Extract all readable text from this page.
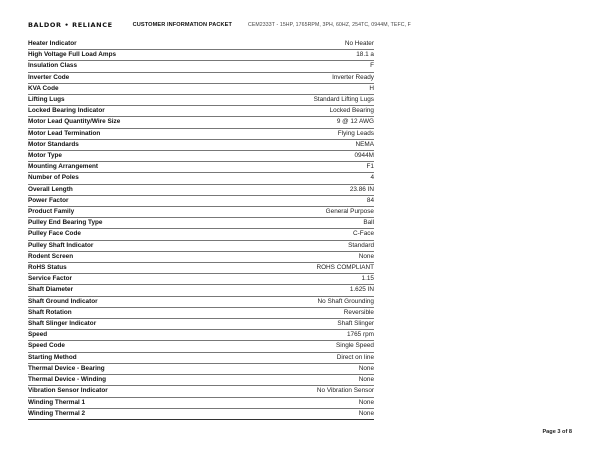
BALDOR • RELIANCE	CUSTOMER INFORMATION PACKET	CEM2333T - 15HP, 1765RPM, 3PH, 60HZ, 254TC, 0944M, TEFC, F
Heater Indicator	No Heater
High Voltage Full Load Amps	18.1 a
Insulation Class	F
Inverter Code	Inverter Ready
KVA Code	H
Lifting Lugs	Standard Lifting Lugs
Locked Bearing Indicator	Locked Bearing
Motor Lead Quantity/Wire Size	9 @ 12 AWG
Motor Lead Termination	Flying Leads
Motor Standards	NEMA
Motor Type	0944M
Mounting Arrangement	F1
Number of Poles	4
Overall Length	23.86 IN
Power Factor	84
Product Family	General Purpose
Pulley End Bearing Type	Ball
Pulley Face Code	C-Face
Pulley Shaft Indicator	Standard
Rodent Screen	None
RoHS Status	ROHS COMPLIANT
Service Factor	1.15
Shaft Diameter	1.625 IN
Shaft Ground Indicator	No Shaft Grounding
Shaft Rotation	Reversible
Shaft Slinger Indicator	Shaft Slinger
Speed	1765 rpm
Speed Code	Single Speed
Starting Method	Direct on line
Thermal Device - Bearing	None
Thermal Device - Winding	None
Vibration Sensor Indicator	No Vibration Sensor
Winding Thermal 1	None
Winding Thermal 2	None
Page 3 of 8
